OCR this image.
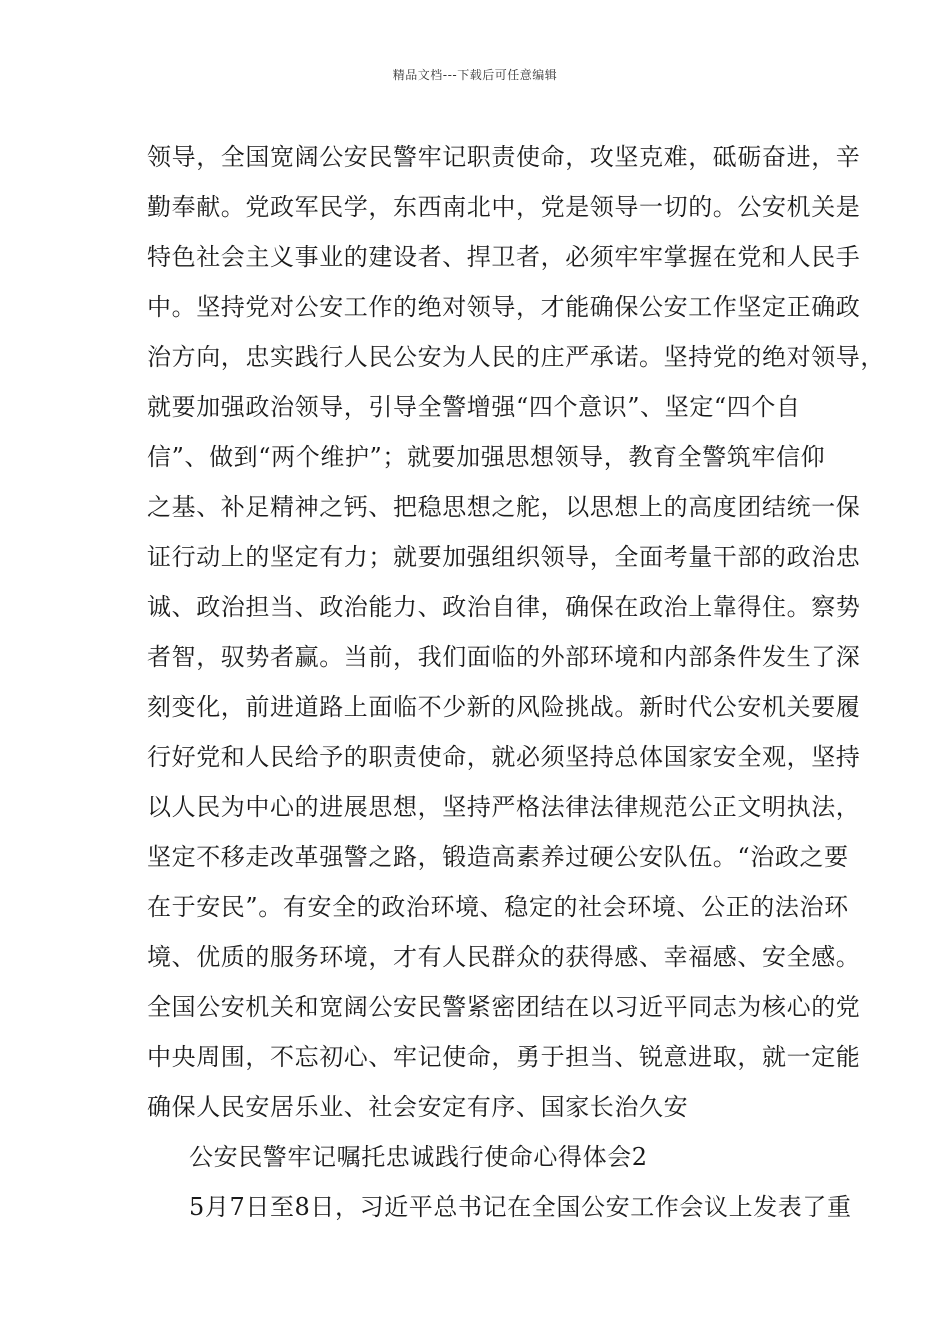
精品文档---下载后可任意编辑
领导，全国宽阔公安民警牢记职责使命，攻坚克难，砥砺奋进，辛
勤奉献。党政军民学，东西南北中，党是领导一切的。公安机关是
特色社会主义事业的建设者、捍卫者，必须牢牢掌握在党和人民手
中。坚持党对公安工作的绝对领导，才能确保公安工作坚定正确政
治方向，忠实践行人民公安为人民的庄严承诺。坚持党的绝对领导，
就要加强政治领导，引导全警增强“四个意识”、坚定“四个自
信”、做到“两个维护”；就要加强思想领导，教育全警筑牢信仰
之基、补足精神之钙、把稳思想之舵，以思想上的高度团结统一保
证行动上的坚定有力；就要加强组织领导，全面考量干部的政治忠
诚、政治担当、政治能力、政治自律，确保在政治上靠得住。察势
者智，驭势者赢。当前，我们面临的外部环境和内部条件发生了深
刻变化，前进道路上面临不少新的风险挑战。新时代公安机关要履
行好党和人民给予的职责使命，就必须坚持总体国家安全观，坚持
以人民为中心的进展思想，坚持严格法律法律规范公正文明执法，
坚定不移走改革强警之路，锻造高素养过硬公安队伍。“治政之要
在于安民”。有安全的政治环境、稳定的社会环境、公正的法治环
境、优质的服务环境，才有人民群众的获得感、幸福感、安全感。
全国公安机关和宽阔公安民警紧密团结在以习近平同志为核心的党
中央周围，不忘初心、牢记使命，勇于担当、锐意进取，就一定能
确保人民安居乐业、社会安定有序、国家长治久安
公安民警牢记嘱托忠诚践行使命心得体会2
5月7日至8日，习近平总书记在全国公安工作会议上发表了重
